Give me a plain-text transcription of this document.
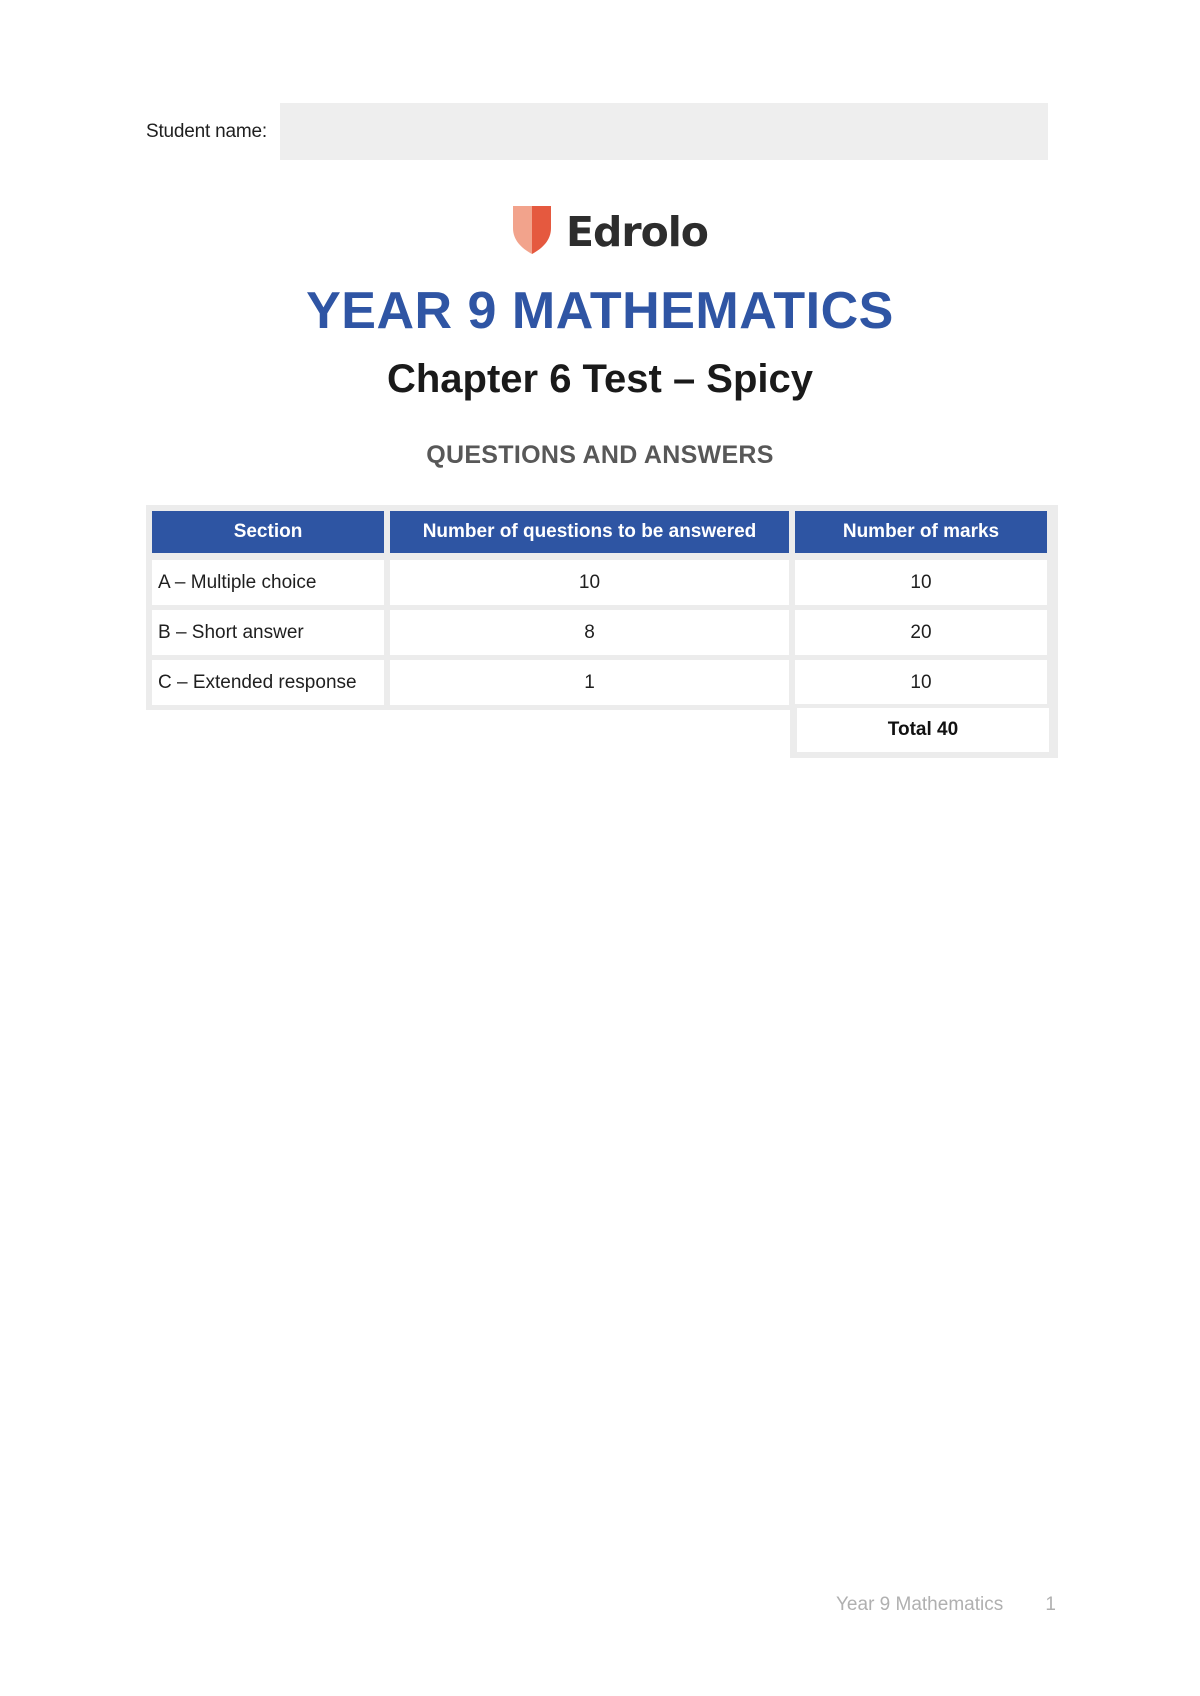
Student name:
Edrolo
YEAR 9 MATHEMATICS
Chapter 6 Test – Spicy
QUESTIONS AND ANSWERS
Section	Number of questions to be answered	Number of marks
A – Multiple choice	10	10
B – Short answer	8	20
C – Extended response	1	10
Total 40
Year 9 Mathematics 1
